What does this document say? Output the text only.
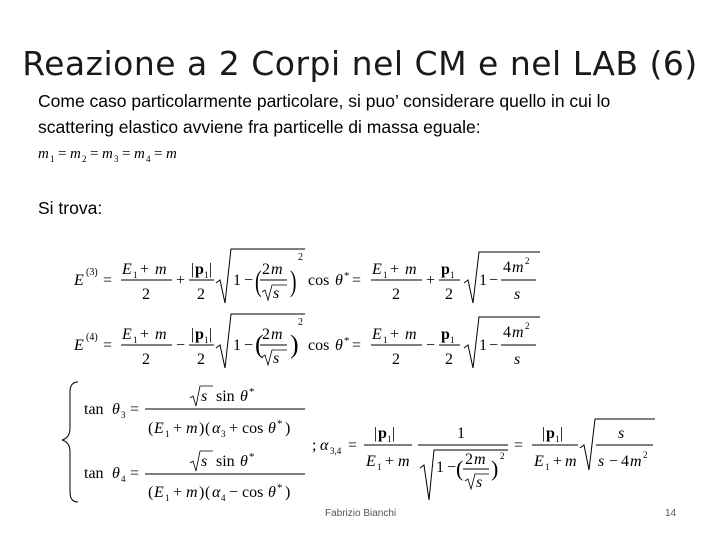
Reazione a 2 Corpi nel CM e nel LAB (6)
Come caso particolarmente particolare, si puo’ considerare quello in cui lo
scattering elastico avviene fra particelle di massa eguale:
m 1 = m 2 = m 3 = m 4 = m
Si trova:
E (3) =
E 1 + m
2
+
| p 1 |
2
1 − ( 2 m
s )
2
cos θ * =
E 1 + m
2
+
p 1
2
1 −
4 m 2
s
E (4) =
E 1 + m
2
−
| p 1 |
2
1 − (
2 m
s )
2
cos θ * =
E 1 + m
2
−
p 1
2
1 −
4 m 2
s
tan θ 3 =
s sin θ *
( E 1 + m ) ( α 3 + cos θ * )
tan θ 4 =
s sin θ *
( E 1 + m ) ( α 4 − cos θ * )
; α 3,4 =
| p 1 |
E 1 + m
1
1 − ( 2 m
s
) 2
=
| p 1 |
E 1 + m
s
s − 4 m 2
Fabrizio Bianchi	14
